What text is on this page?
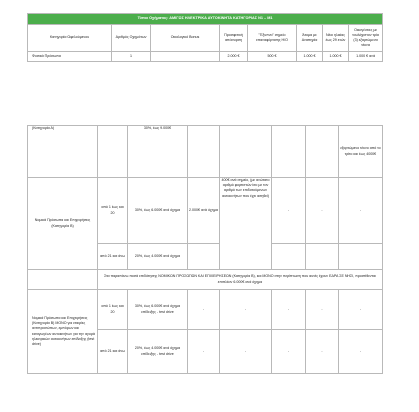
Τύποι Οχήματος: ΑΜΙΓΩΣ ΗΛΕΚΤΡΙΚΑ ΑΥΤΟΚΙΝΗΤΑ ΚΑΤΗΓΟΡΙΑΣ Ν1 – Μ1							
Κατηγορία Ωφελούμενου	Αριθμός Οχημάτων	Οικολογικό Bonus	Προσφετική απόσυρση	"Έξυπνο" σημείο επαναφόρτισης Η/Ο	Άτομα με Αναπηρία	Νέοι ηλικίας έως 29 ετών	Οικογένειες με τουλάχιστον τρία (3) εξαρτώμενα τέκνα
Φυσικά Πρόσωπα	1		2.000 €	500 €	1.000 €	1.000 €	1.000 € ανά
(Κατηγορία Α)		30%, έως 9.000€					εξαρτώμενο τέκνο από το τρίτο και έως 4000€
Νομικά Πρόσωπα και Επιχειρήσεις (Κατηγορία Β)	από 1 έως και 20	30%, έως 6.000€ ανά όχημα	2.000€ ανά όχημα	400€ ανά σημείο, (με ανώτατο αριθμό φορτιστών ίσο με τον αριθμό των επιδοτούμενων αυτοκινήτων που έχει αιτηθεί)	-	-	-
	από 21 και άνω	20%, έως 4.000€ ανά όχημα					
	Στα παραπάνω ποσά επιδότησης ΝΟΜΙΚΩΝ ΠΡΟΣΩΠΩΝ ΚΑΙ ΕΠΙΧΕΙΡΗΣΕΩΝ (Κατηγορία Β), και ΜΟΝΟ στην περίπτωση που αυτές έχουν ΕΔΡΑ ΣΕ ΝΗΣΙ, προστίθενται επιπλέον 6.000€ ανά όχημα						
Νομικά Πρόσωπα και Επιχειρήσεις (Κατηγορία Β) ΜΟΝΟ για εταιρίες αντιπροσώπων, εμπόρων και εισαγωγέων αυτοκινήτων για την αγορά ηλεκτρικών αυτοκινήτων επίδειξης (test drive)	από 1 έως και 20	30%, έως 6.000€ ανά όχημα επίδειξης - test drive	-	-	-	-	-
	από 21 και άνω	20%, έως 4.000€ ανά όχημα επίδειξης - test drive	-	-	-	-	-
